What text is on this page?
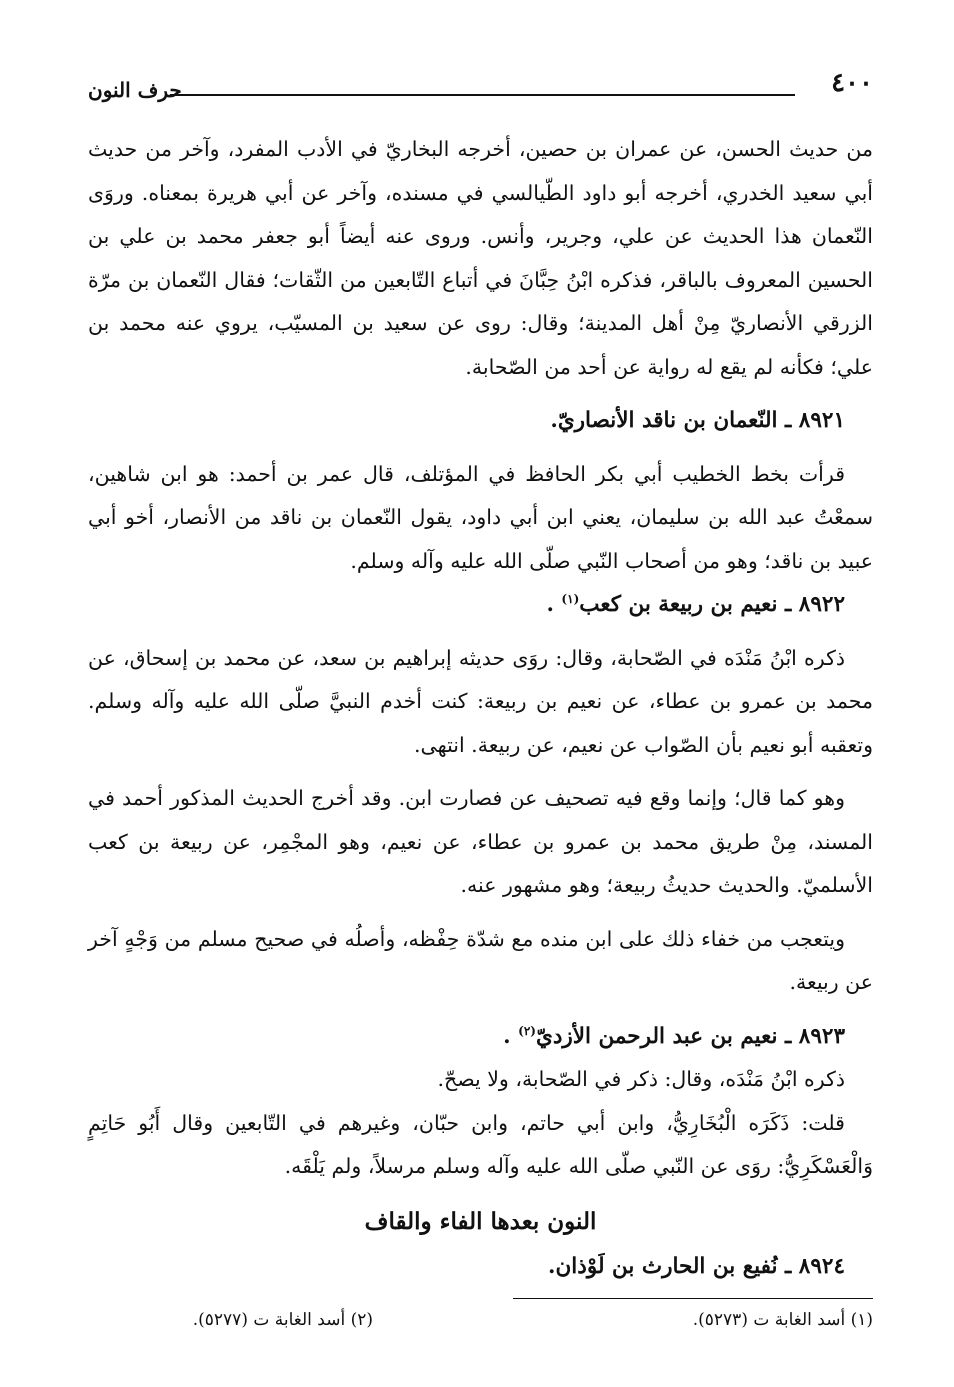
٤٠٠
حرف النون

من حديث الحسن، عن عمران بن حصين، أخرجه البخاريّ في الأدب المفرد، وآخر من حديث أبي سعيد الخدري، أخرجه أبو داود الطّيالسي في مسنده، وآخر عن أبي هريرة بمعناه. وروَى النّعمان هذا الحديث عن علي، وجرير، وأنس. وروى عنه أيضاً أبو جعفر محمد بن علي بن الحسين المعروف بالباقر، فذكره ابْنُ حِبَّانَ في أتباع التّابعين من الثّقات؛ فقال النّعمان بن مرّة الزرقي الأنصاريّ مِنْ أهل المدينة؛ وقال: روى عن سعيد بن المسيّب، يروي عنه محمد بن علي؛ فكأنه لم يقع له رواية عن أحد من الصّحابة.

٨٩٢١ ـ النّعمان بن ناقد الأنصاريّ.

قرأت بخط الخطيب أبي بكر الحافظ في المؤتلف، قال عمر بن أحمد: هو ابن شاهين، سمعْتُ عبد الله بن سليمان، يعني ابن أبي داود، يقول النّعمان بن ناقد من الأنصار، أخو أبي عبيد بن ناقد؛ وهو من أصحاب النّبي صلّى الله عليه وآله وسلم.

٨٩٢٢ ـ نعيم بن ربيعة بن كعب$^{(١)}$ .

ذكره ابْنُ مَنْدَه في الصّحابة، وقال: روَى حديثه إبراهيم بن سعد، عن محمد بن إسحاق، عن محمد بن عمرو بن عطاء، عن نعيم بن ربيعة: كنت أخدم النبيَّ صلّى الله عليه وآله وسلم. وتعقبه أبو نعيم بأن الصّواب عن نعيم، عن ربيعة. انتهى.

وهو كما قال؛ وإنما وقع فيه تصحيف عن فصارت ابن. وقد أخرج الحديث المذكور أحمد في المسند، مِنْ طريق محمد بن عمرو بن عطاء، عن نعيم، وهو المجْمِر، عن ربيعة بن كعب الأسلميّ. والحديث حديثُ ربيعة؛ وهو مشهور عنه.

ويتعجب من خفاء ذلك على ابن منده مع شدّة حِفْظه، وأصلُه في صحيح مسلم من وَجْهٍ آخر عن ربيعة.

٨٩٢٣ ـ نعيم بن عبد الرحمن الأزديّ$^{(٢)}$ .

ذكره ابْنُ مَنْدَه، وقال: ذكر في الصّحابة، ولا يصحّ.

قلت: ذَكَرَه الْبُخَارِيُّ، وابن أبي حاتم، وابن حبّان، وغيرهم في التّابعين وقال أَبُو حَاتِمٍ وَالْعَسْكَرِيُّ: روَى عن النّبي صلّى الله عليه وآله وسلم مرسلاً، ولم يَلْقَه.

النون بعدها الفاء والقاف

٨٩٢٤ ـ نُفيع بن الحارث بن لَوْذان.

(١) أسد الغابة ت (٥٢٧٣).
(٢) أسد الغابة ت (٥٢٧٧).
